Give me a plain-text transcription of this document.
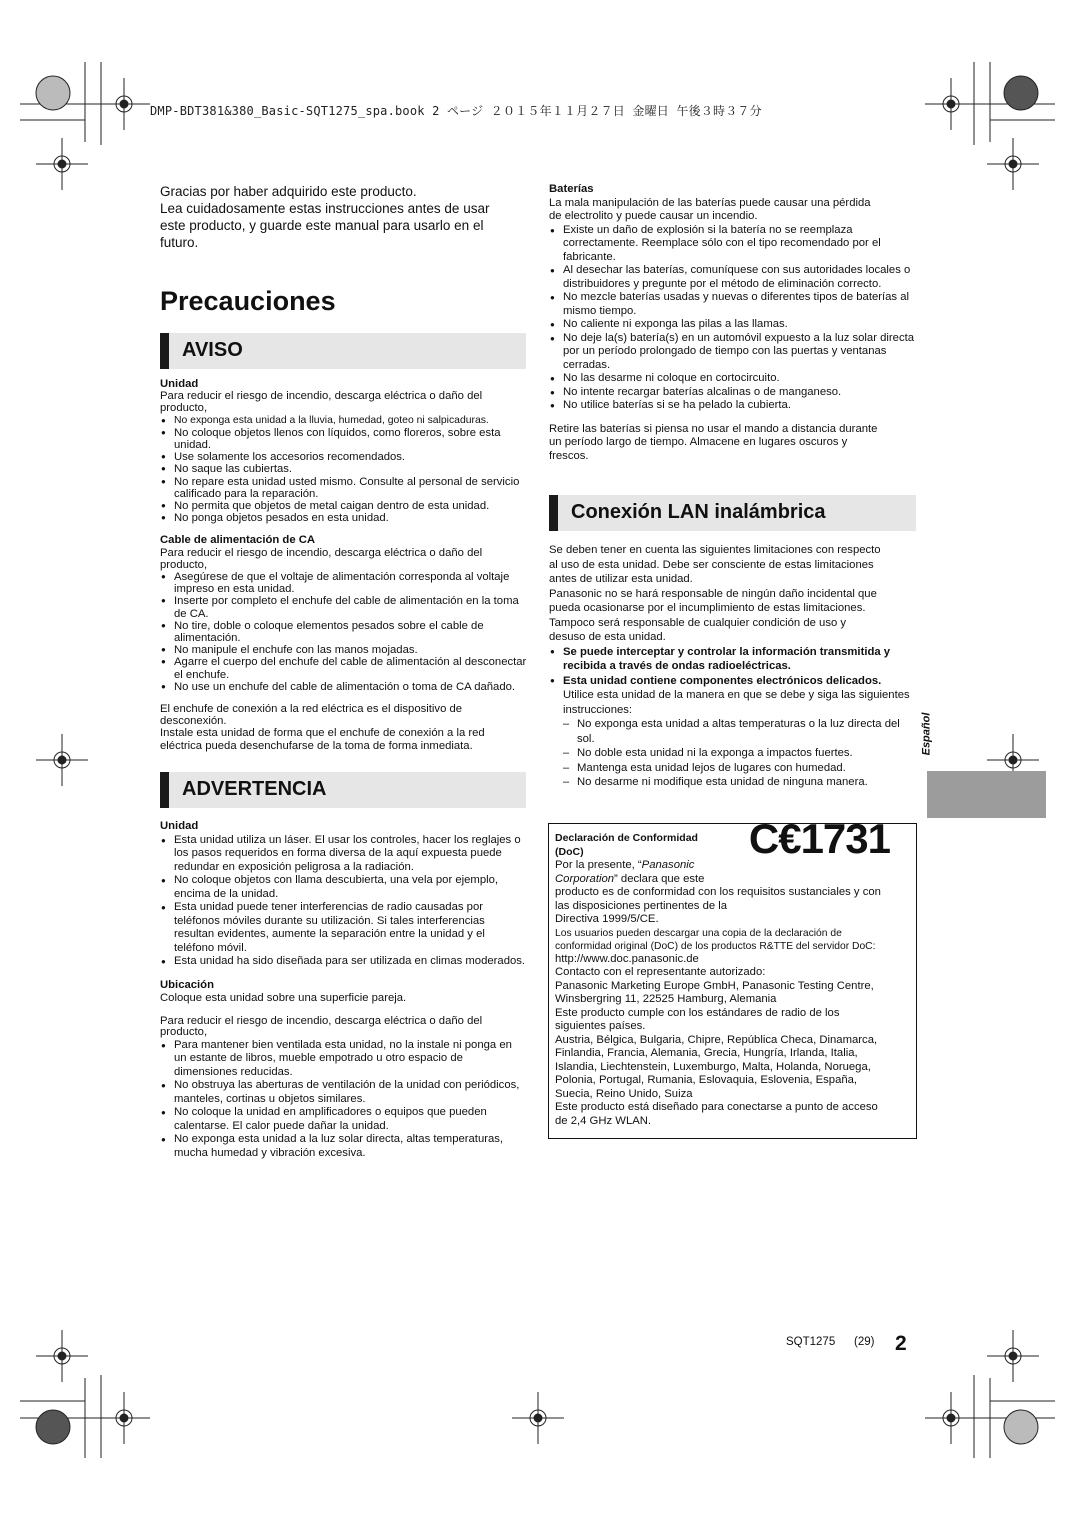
DMP-BDT381&380_Basic-SQT1275_spa.book 2 ページ ２０１５年１１月２７日 金曜日 午後３時３７分
Gracias por haber adquirido este producto.
Lea cuidadosamente estas instrucciones antes de usar
este producto, y guarde este manual para usarlo en el
futuro.
Precauciones
AVISO
Unidad
Para reducir el riesgo de incendio, descarga eléctrica o daño del
producto,
● No exponga esta unidad a la lluvia, humedad, goteo ni salpicaduras.
● No coloque objetos llenos con líquidos, como floreros, sobre esta unidad.
● Use solamente los accesorios recomendados.
● No saque las cubiertas.
● No repare esta unidad usted mismo. Consulte al personal de servicio calificado para la reparación.
● No permita que objetos de metal caigan dentro de esta unidad.
● No ponga objetos pesados en esta unidad.
Cable de alimentación de CA
Para reducir el riesgo de incendio, descarga eléctrica o daño del
producto,
● Asegúrese de que el voltaje de alimentación corresponda al voltaje impreso en esta unidad.
● Inserte por completo el enchufe del cable de alimentación en la toma de CA.
● No tire, doble o coloque elementos pesados sobre el cable de alimentación.
● No manipule el enchufe con las manos mojadas.
● Agarre el cuerpo del enchufe del cable de alimentación al desconectar el enchufe.
● No use un enchufe del cable de alimentación o toma de CA dañado.
El enchufe de conexión a la red eléctrica es el dispositivo de
desconexión.
Instale esta unidad de forma que el enchufe de conexión a la red
eléctrica pueda desenchufarse de la toma de forma inmediata.
ADVERTENCIA
Unidad
● Esta unidad utiliza un láser. El usar los controles, hacer los reglajes o los pasos requeridos en forma diversa de la aquí expuesta puede redundar en exposición peligrosa a la radiación.
● No coloque objetos con llama descubierta, una vela por ejemplo, encima de la unidad.
● Esta unidad puede tener interferencias de radio causadas por teléfonos móviles durante su utilización. Si tales interferencias resultan evidentes, aumente la separación entre la unidad y el teléfono móvil.
● Esta unidad ha sido diseñada para ser utilizada en climas moderados.
Ubicación
Coloque esta unidad sobre una superficie pareja.
Para reducir el riesgo de incendio, descarga eléctrica o daño del
producto,
● Para mantener bien ventilada esta unidad, no la instale ni ponga en un estante de libros, mueble empotrado u otro espacio de dimensiones reducidas.
● No obstruya las aberturas de ventilación de la unidad con periódicos, manteles, cortinas u objetos similares.
● No coloque la unidad en amplificadores o equipos que pueden calentarse. El calor puede dañar la unidad.
● No exponga esta unidad a la luz solar directa, altas temperaturas, mucha humedad y vibración excesiva.
Baterías
La mala manipulación de las baterías puede causar una pérdida
de electrolito y puede causar un incendio.
● Existe un daño de explosión si la batería no se reemplaza correctamente. Reemplace sólo con el tipo recomendado por el fabricante.
● Al desechar las baterías, comuníquese con sus autoridades locales o distribuidores y pregunte por el método de eliminación correcto.
● No mezcle baterías usadas y nuevas o diferentes tipos de baterías al mismo tiempo.
● No caliente ni exponga las pilas a las llamas.
● No deje la(s) batería(s) en un automóvil expuesto a la luz solar directa por un período prolongado de tiempo con las puertas y ventanas cerradas.
● No las desarme ni coloque en cortocircuito.
● No intente recargar baterías alcalinas o de manganeso.
● No utilice baterías si se ha pelado la cubierta.
Retire las baterías si piensa no usar el mando a distancia durante
un período largo de tiempo. Almacene en lugares oscuros y
frescos.
Conexión LAN inalámbrica
Se deben tener en cuenta las siguientes limitaciones con respecto
al uso de esta unidad. Debe ser consciente de estas limitaciones
antes de utilizar esta unidad.
Panasonic no se hará responsable de ningún daño incidental que
pueda ocasionarse por el incumplimiento de estas limitaciones.
Tampoco será responsable de cualquier condición de uso y
desuso de esta unidad.
● Se puede interceptar y controlar la información transmitida y recibida a través de ondas radioeléctricas.
● Esta unidad contiene componentes electrónicos delicados.
Utilice esta unidad de la manera en que se debe y siga las siguientes instrucciones:
– No exponga esta unidad a altas temperaturas o la luz directa del sol.
– No doble esta unidad ni la exponga a impactos fuertes.
– Mantenga esta unidad lejos de lugares con humedad.
– No desarme ni modifique esta unidad de ninguna manera.
C€1731
Declaración de Conformidad
(DoC)
Por la presente, “Panasonic
Corporation” declara que este
producto es de conformidad con los requisitos sustanciales y con
las disposiciones pertinentes de la
Directiva 1999/5/CE.
Los usuarios pueden descargar una copia de la declaración de
conformidad original (DoC) de los productos R&TTE del servidor DoC:
http://www.doc.panasonic.de
Contacto con el representante autorizado:
Panasonic Marketing Europe GmbH, Panasonic Testing Centre,
Winsbergring 11, 22525 Hamburg, Alemania
Este producto cumple con los estándares de radio de los
siguientes países.
Austria, Bélgica, Bulgaria, Chipre, República Checa, Dinamarca,
Finlandia, Francia, Alemania, Grecia, Hungría, Irlanda, Italia,
Islandia, Liechtenstein, Luxemburgo, Malta, Holanda, Noruega,
Polonia, Portugal, Rumania, Eslovaquia, Eslovenia, España,
Suecia, Reino Unido, Suiza
Este producto está diseñado para conectarse a punto de acceso
de 2,4 GHz WLAN.
Español
SQT1275 (29) 2
